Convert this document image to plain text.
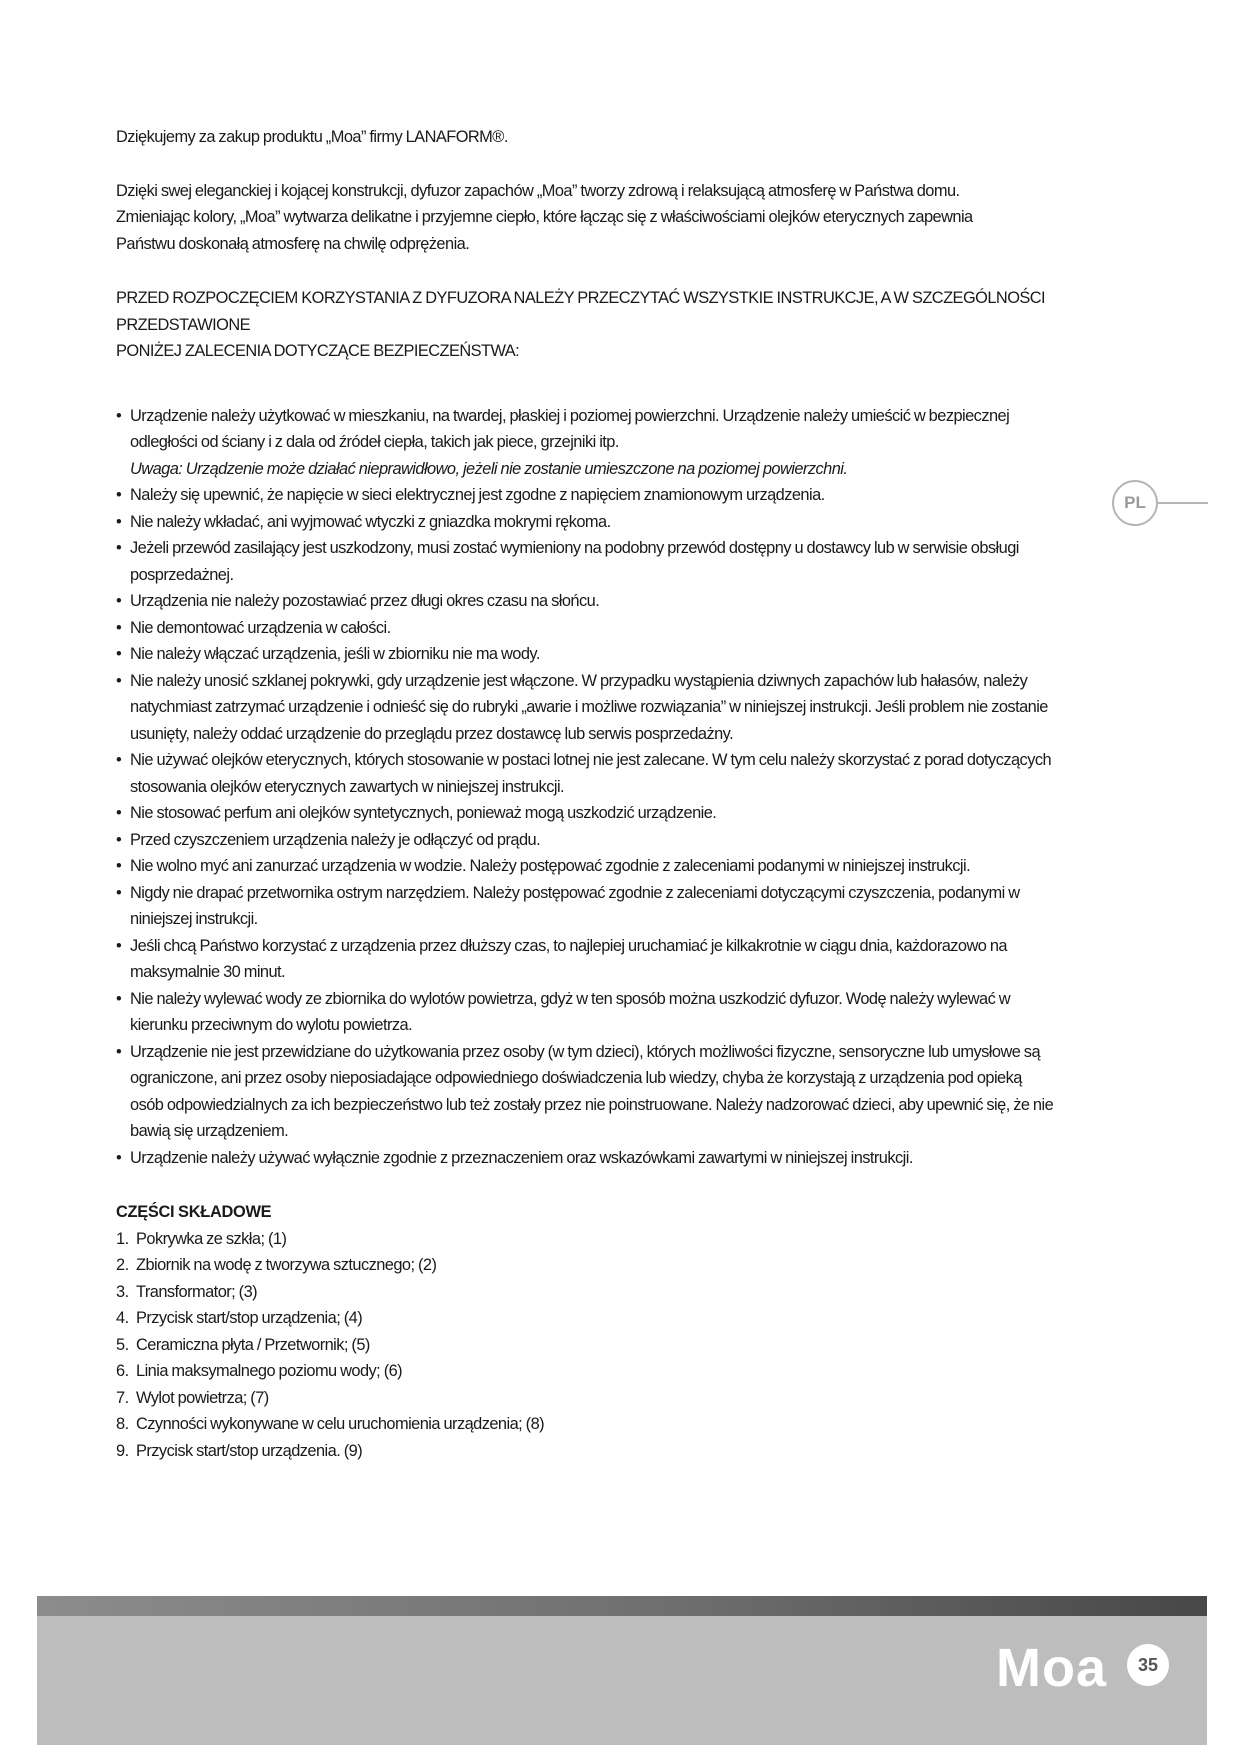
Dziękujemy za zakup produktu „Moa” firmy LANAFORM®.

Dzięki swej eleganckiej i kojącej konstrukcji, dyfuzor zapachów „Moa” tworzy zdrową i relaksującą atmosferę w Państwa domu.

Zmieniając kolory, „Moa” wytwarza delikatne i przyjemne ciepło, które łącząc się z właściwościami olejków eterycznych zapewnia

Państwu doskonałą atmosferę na chwilę odprężenia.

PRZED ROZPOCZĘCIEM KORZYSTANIA Z DYFUZORA NALEŻY PRZECZYTAĆ WSZYSTKIE INSTRUKCJE, A W SZCZEGÓLNOŚCI PRZEDSTAWIONE

PONIŻEJ ZALECENIA DOTYCZĄCE BEZPIECZEŃSTWA:

• Urządzenie należy użytkować w mieszkaniu, na twardej, płaskiej i poziomej powierzchni. Urządzenie należy umieścić w bezpiecznej odległości od ściany i z dala od źródeł ciepła, takich jak piece, grzejniki itp.
Uwaga: Urządzenie może działać nieprawidłowo, jeżeli nie zostanie umieszczone na poziomej powierzchni.
• Należy się upewnić, że napięcie w sieci elektrycznej jest zgodne z napięciem znamionowym urządzenia.
• Nie należy wkładać, ani wyjmować wtyczki z gniazdka mokrymi rękoma.
• Jeżeli przewód zasilający jest uszkodzony, musi zostać wymieniony na podobny przewód dostępny u dostawcy lub w serwisie obsługi posprzedażnej.
• Urządzenia nie należy pozostawiać przez długi okres czasu na słońcu.
• Nie demontować urządzenia w całości.
• Nie należy włączać urządzenia, jeśli w zbiorniku nie ma wody.
• Nie należy unosić szklanej pokrywki, gdy urządzenie jest włączone. W przypadku wystąpienia dziwnych zapachów lub hałasów, należy natychmiast zatrzymać urządzenie i odnieść się do rubryki „awarie i możliwe rozwiązania” w niniejszej instrukcji. Jeśli problem nie zostanie usunięty, należy oddać urządzenie do przeglądu przez dostawcę lub serwis posprzedażny.
• Nie używać olejków eterycznych, których stosowanie w postaci lotnej nie jest zalecane. W tym celu należy skorzystać z porad dotyczących stosowania olejków eterycznych zawartych w niniejszej instrukcji.
• Nie stosować perfum ani olejków syntetycznych, ponieważ mogą uszkodzić urządzenie.
• Przed czyszczeniem urządzenia należy je odłączyć od prądu.
• Nie wolno myć ani zanurzać urządzenia w wodzie. Należy postępować zgodnie z zaleceniami podanymi w niniejszej instrukcji.
• Nigdy nie drapać przetwornika ostrym narzędziem. Należy postępować zgodnie z zaleceniami dotyczącymi czyszczenia, podanymi w niniejszej instrukcji.
• Jeśli chcą Państwo korzystać z urządzenia przez dłuższy czas, to najlepiej uruchamiać je kilkakrotnie w ciągu dnia, każdorazowo na maksymalnie 30 minut.
• Nie należy wylewać wody ze zbiornika do wylotów powietrza, gdyż w ten sposób można uszkodzić dyfuzor. Wodę należy wylewać w kierunku przeciwnym do wylotu powietrza.
• Urządzenie nie jest przewidziane do użytkowania przez osoby (w tym dzieci), których możliwości fizyczne, sensoryczne lub umysłowe są ograniczone, ani przez osoby nieposiadające odpowiedniego doświadczenia lub wiedzy, chyba że korzystają z urządzenia pod opieką osób odpowiedzialnych za ich bezpieczeństwo lub też zostały przez nie poinstruowane. Należy nadzorować dzieci, aby upewnić się, że nie bawią się urządzeniem.
• Urządzenie należy używać wyłącznie zgodnie z przeznaczeniem oraz wskazówkami zawartymi w niniejszej instrukcji.

CZĘŚCI SKŁADOWE

1. Pokrywka ze szkła; (1)
2. Zbiornik na wodę z tworzywa sztucznego; (2)
3. Transformator; (3)
4. Przycisk start/stop urządzenia; (4)
5. Ceramiczna płyta / Przetwornik; (5)
6. Linia maksymalnego poziomu wody; (6)
7. Wylot powietrza; (7)
8. Czynności wykonywane w celu uruchomienia urządzenia; (8)
9. Przycisk start/stop urządzenia. (9)
PL
Moa	35
